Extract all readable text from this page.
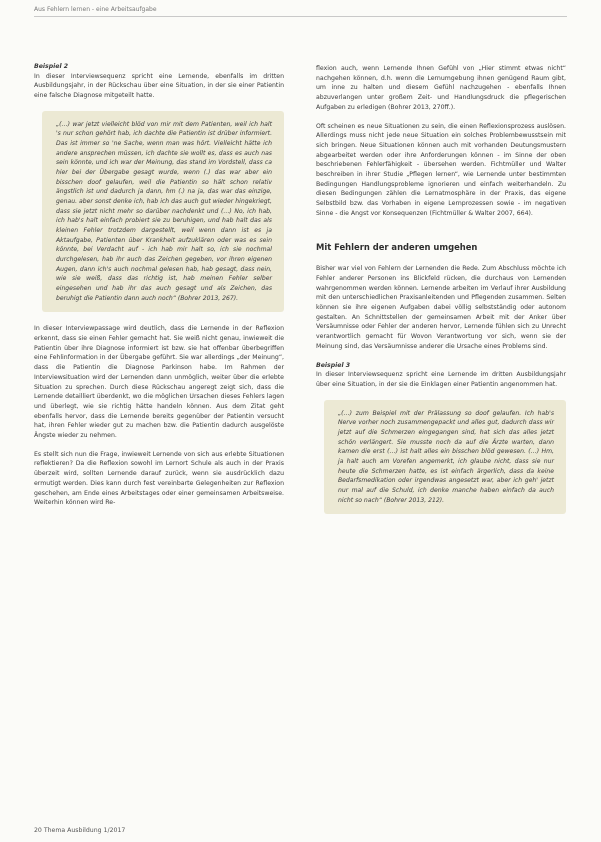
Aus Fehlern lernen - eine Arbeitsaufgabe

Beispiel 2

In dieser Interviewsequenz spricht eine Lernende, ebenfalls im dritten Ausbildungsjahr, in der Rückschau über eine Situation, in der sie einer Patientin eine falsche Diagnose mitgeteilt hatte.

„(…) war jetzt vielleicht blöd von mir mit dem Patienten, weil ich halt 's nur schon gehört hab, ich dachte die Patientin ist drüber informiert. Das ist immer so 'ne Sache, wenn man was hört. Vielleicht hätte ich andere ansprechen müssen, ich dachte sie wollt es, dass es auch nas sein könnte, und ich war der Meinung, das stand im Vordstell, dass ca hier bei der Übergabe gesagt wurde, wenn (.) das war aber ein bisschen doof gelaufen, weil die Patientin so hält schon relativ ängstlich ist und dadurch ja dann, hm (.) na ja, das war das einzige, genau. aber sonst denke ich, hab ich das auch gut wieder hingekriegt, dass sie jetzt nicht mehr so darüber nachdenkt und (…) No, ich hab, ich hab's halt einfach probiert sie zu beruhigen, und hab halt das als kleinen Fehler trotzdem dargestellt, weil wenn dann ist es ja Aktaufgabe, Patienten über Krankheit aufzuklären oder was es sein könnte, bei Verdacht auf - ich hab mir halt so, ich sie nochmal durchgelesen, hab ihr auch das Zeichen gegeben, vor ihren eigenen Augen, dann ich's auch nochmal gelesen hab, hab gesagt, dass nein, wie sie weiß, dass das richtig ist, hab meinen Fehler selber eingesehen und hab ihr das auch gesagt und als Zeichen, das beruhigt die Patientin dann auch noch“ (Bohrer 2013, 267).

In dieser Interviewpassage wird deutlich, dass die Lernende in der Reflexion erkennt, dass sie einen Fehler gemacht hat. Sie weiß nicht genau, inwieweit die Patientin über ihre Diagnose informiert ist bzw. sie hat offenbar überbegriffen eine Fehlinformation in der Übergabe geführt. Sie war allerdings „der Meinung“, dass die Patientin die Diagnose Parkinson habe. Im Rahmen der Interviewsituation wird der Lernenden dann unmöglich, weiter über die erlebte Situation zu sprechen. Durch diese Rückschau angeregt zeigt sich, dass die Lernende detailliert überdenkt, wo die möglichen Ursachen dieses Fehlers lagen und überlegt, wie sie richtig hätte handeln können. Aus dem Zitat geht ebenfalls hervor, dass die Lernende bereits gegenüber der Patientin versucht hat, ihren Fehler wieder gut zu machen bzw. die Patientin dadurch ausgelöste Ängste wieder zu nehmen.

Es stellt sich nun die Frage, inwieweit Lernende von sich aus erlebte Situationen reflektieren? Da die Reflexion sowohl im Lernort Schule als auch in der Praxis überzeit wird, sollten Lernende darauf zurück, wenn sie ausdrücklich dazu ermutigt werden. Dies kann durch fest vereinbarte Gelegenheiten zur Reflexion geschehen, am Ende eines Arbeitstages oder einer gemeinsamen Arbeitsweise. Weiterhin können wird Re-

flexion auch, wenn Lernende Ihnen Gefühl von „Hier stimmt etwas nicht“ nachgehen können, d.h. wenn die Lernumgebung ihnen genügend Raum gibt, um inne zu halten und diesem Gefühl nachzugehen - ebenfalls Ihnen abzuverlangen unter großem Zeit- und Handlungsdruck die pflegerischen Aufgaben zu erledigen (Bohrer 2013, 270ff.).

Oft scheinen es neue Situationen zu sein, die einen Reflexionsprozess auslösen. Allerdings muss nicht jede neue Situation ein solches Problembewusstsein mit sich bringen. Neue Situationen können auch mit vorhanden Deutungsmustern abgearbeitet werden oder ihre Anforderungen können - im Sinne der oben beschriebenen Fehlerfähigkeit - übersehen werden. Fichtmüller und Walter beschreiben in ihrer Studie „Pflegen lernen“, wie Lernende unter bestimmten Bedingungen Handlungsprobleme ignorieren und einfach weiterhandeln. Zu diesen Bedingungen zählen die Lernatmosphäre in der Praxis, das eigene Selbstbild bzw. das Vorhaben in eigene Lernprozessen sowie - im negativen Sinne - die Angst vor Konsequenzen (Fichtmüller & Walter 2007, 664).

Mit Fehlern der anderen umgehen

Bisher war viel von Fehlern der Lernenden die Rede. Zum Abschluss möchte ich Fehler anderer Personen ins Blickfeld rücken, die durchaus von Lernenden wahrgenommen werden können. Lernende arbeiten im Verlauf ihrer Ausbildung mit den unterschiedlichen Praxisanleitenden und Pflegenden zusammen. Selten können sie ihre eigenen Aufgaben dabei völlig selbstständig oder autonom gestalten. An Schnittstellen der gemeinsamen Arbeit mit der Anker über Versäumnisse oder Fehler der anderen hervor, Lernende fühlen sich zu Unrecht verantwortlich gemacht für Wovon Verantwortung vor sich, wenn sie der Meinung sind, das Versäumnisse anderer die Ursache eines Problems sind.

Beispiel 3

In dieser Interviewsequenz spricht eine Lernende im dritten Ausbildungsjahr über eine Situation, in der sie die Einklagen einer Patientin angenommen hat.

„(…) zum Beispiel mit der Prälassung so doof gelaufen. Ich hab's Nerve vorher noch zusammengepackt und alles gut, dadurch dass wir jetzt auf die Schmerzen eingegangen sind, hat sich das alles jetzt schön verlängert. Sie musste noch da auf die Ärzte warten, dann kamen die erst (…) ist halt alles ein bisschen blöd gewesen. (…) Hm, ja halt auch am Vorefen angemerkt, ich glaube nicht, dass sie nur heute die Schmerzen hatte, es ist einfach ärgerlich, dass da keine Bedarfsmedikation oder irgendwas angesetzt war, aber ich geh' jetzt nur mal auf die Schuld, ich denke manche haben einfach da auch nicht so nach“ (Bohrer 2013, 212).
20 Thema Ausbildung 1/2017
